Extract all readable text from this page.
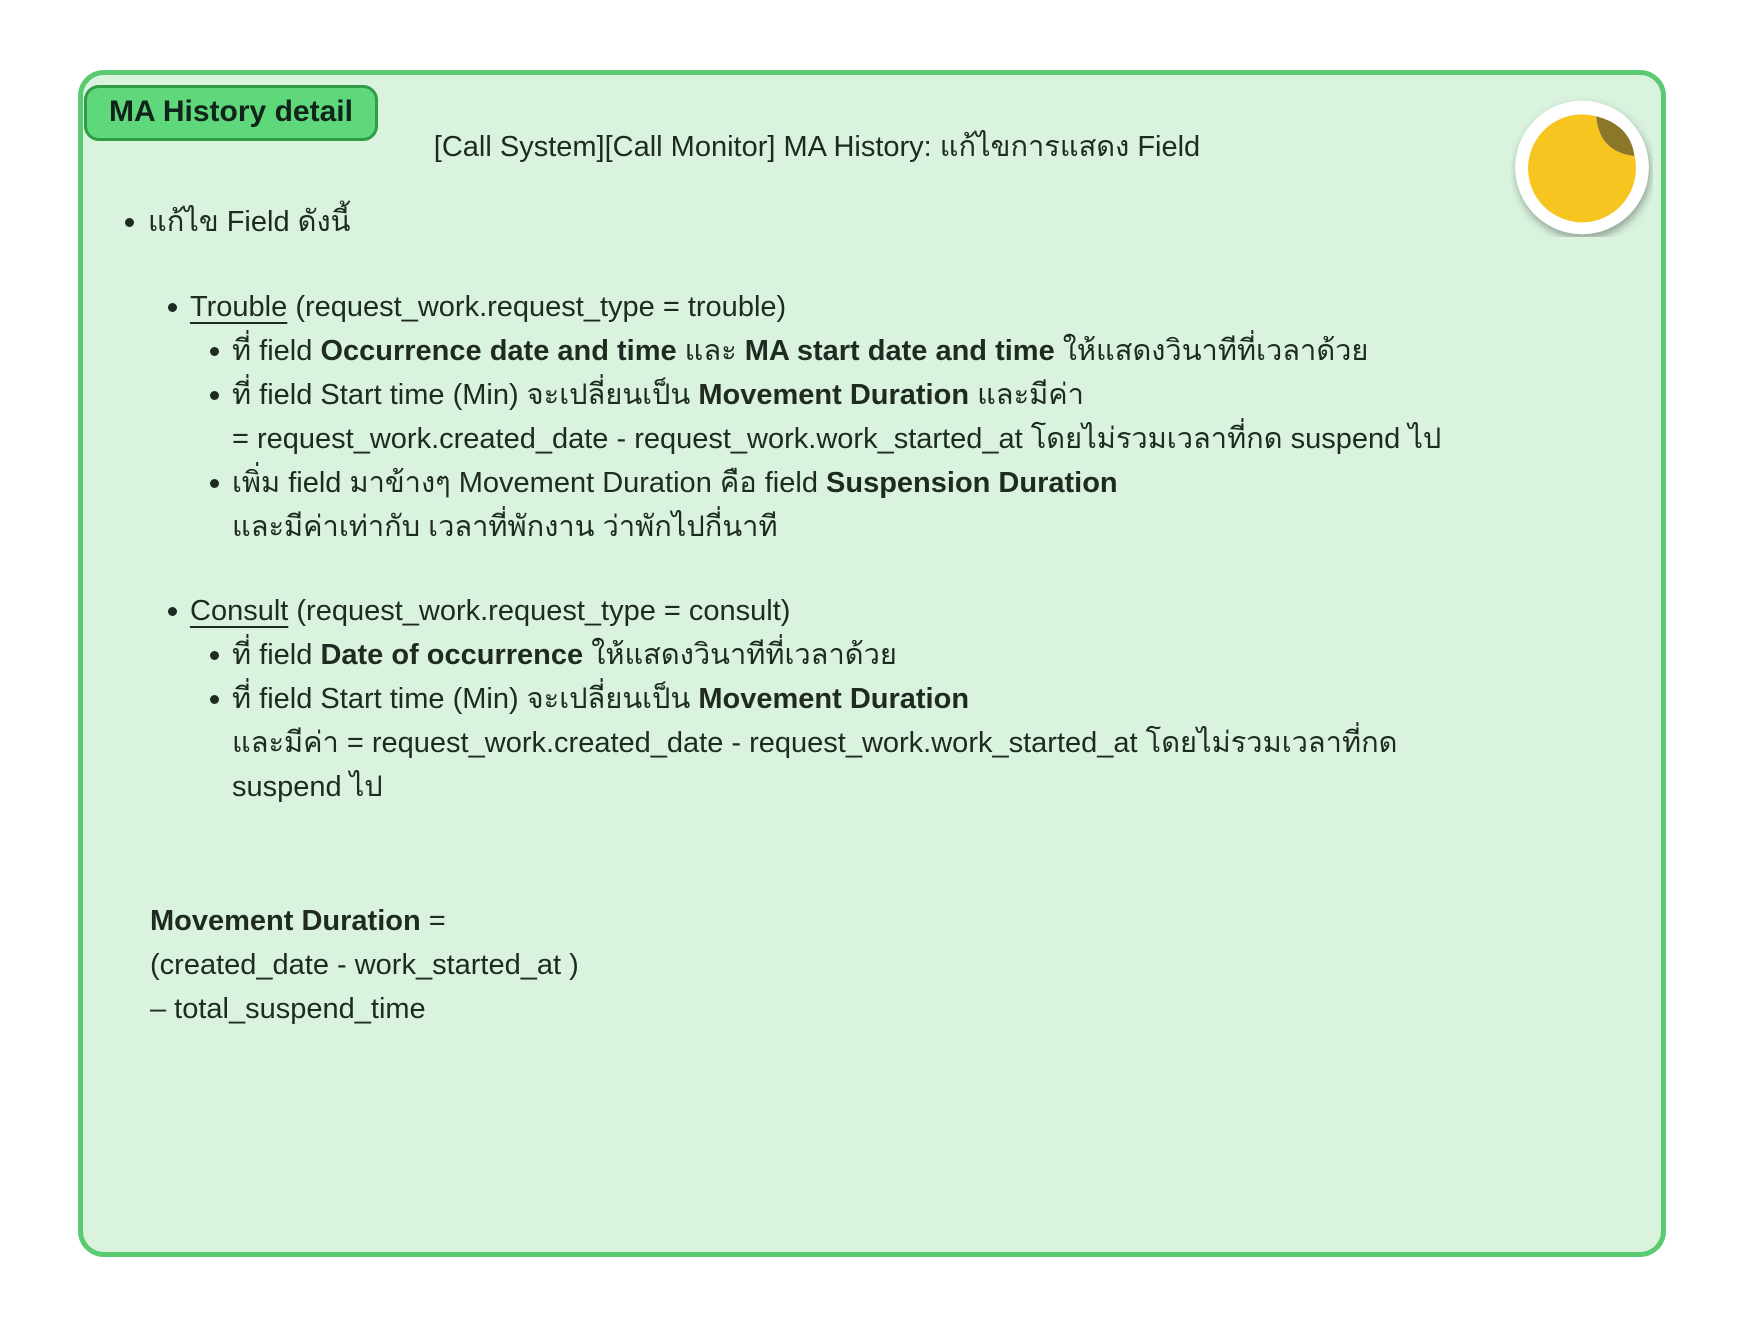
MA History detail
[Call System][Call Monitor] MA History: แก้ไขการแสดง Field
แก้ไข Field ดังนี้
Trouble (request_work.request_type = trouble)
ที่ field Occurrence date and time และ MA start date and time ให้แสดงวินาทีที่เวลาด้วย
ที่ field Start time (Min) จะเปลี่ยนเป็น Movement Duration และมีค่า
= request_work.created_date - request_work.work_started_at โดยไม่รวมเวลาที่กด suspend ไป
เพิ่ม field มาข้างๆ Movement Duration คือ field Suspension Duration
และมีค่าเท่ากับ เวลาที่พักงาน ว่าพักไปกี่นาที
Consult (request_work.request_type = consult)
ที่ field Date of occurrence ให้แสดงวินาทีที่เวลาด้วย
ที่ field Start time (Min) จะเปลี่ยนเป็น Movement Duration
และมีค่า = request_work.created_date - request_work.work_started_at โดยไม่รวมเวลาที่กด
suspend ไป
Movement Duration =
(created_date - work_started_at )
– total_suspend_time
